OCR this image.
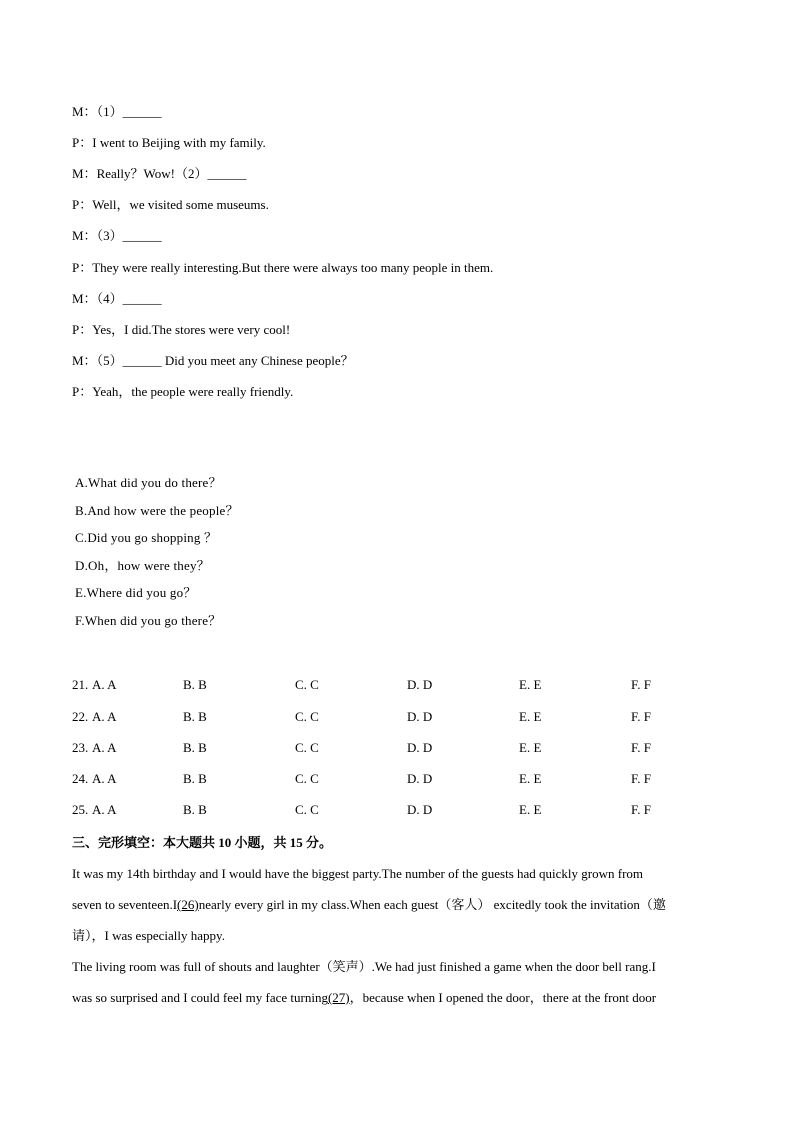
M：（1）______
P：I went to Beijing with my family.
M：Really？Wow!（2）______
P：Well，we visited some museums.
M：（3）______
P：They were really interesting.But there were always too many people in them.
M：（4）______
P：Yes，I did.The stores were very cool!
M：（5）______ Did you meet any Chinese people？
P：Yeah，the people were really friendly.
A.What did you do there？
B.And how were the people？
C.Did you go shopping ？
D.Oh，how were they？
E.Where did you go？
F.When did you go there？
21. A. A	B. B	C. C	D. D	E. E	F. F
22. A. A	B. B	C. C	D. D	E. E	F. F
23. A. A	B. B	C. C	D. D	E. E	F. F
24. A. A	B. B	C. C	D. D	E. E	F. F
25. A. A	B. B	C. C	D. D	E. E	F. F
三、完形填空：本大题共 10 小题，共 15 分。
It was my 14th birthday and I would have the biggest party.The number of the guests had quickly grown from
seven to seventeen.I(26)nearly every girl in my class.When each guest（客人） excitedly took the invitation（邀
请），I was especially happy.
The living room was full of shouts and laughter（笑声）.We had just finished a game when the door bell rang.I
was so surprised and I could feel my face turning(27)，because when I opened the door，there at the front door
